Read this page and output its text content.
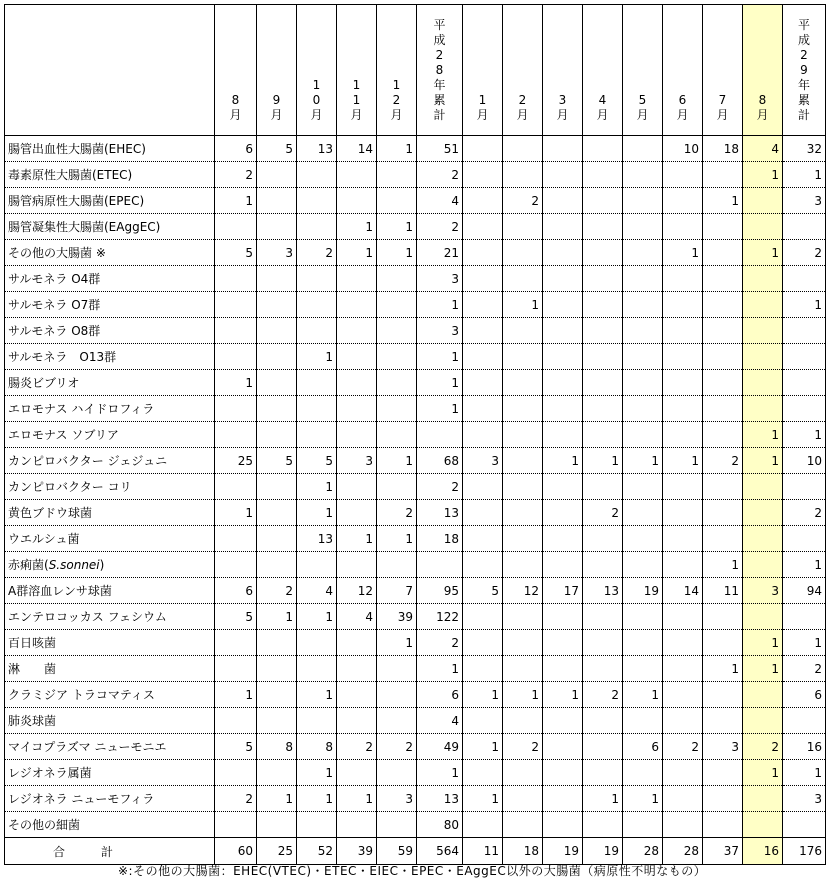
	8月	9月	10月	11月	12月	平成28年累計	1月	2月	3月	4月	5月	6月	7月	8月	平成29年累計
腸管出血性大腸菌(EHEC)	6	5	13	14	1	51						10	18	4	32
毒素原性大腸菌(ETEC)	2					2								1	1
腸管病原性大腸菌(EPEC)	1					4		2					1		3
腸管凝集性大腸菌(EAggEC)				1	1	2									
その他の大腸菌 ※	5	3	2	1	1	21						1		1	2
サルモネラ O4群						3									
サルモネラ O7群						1		1							1
サルモネラ O8群						3									
サルモネラ　O13群			1			1									
腸炎ビブリオ	1					1									
エロモナス ハイドロフィラ						1									
エロモナス ソブリア														1	1
カンピロバクター ジェジュニ	25	5	5	3	1	68	3		1	1	1	1	2	1	10
カンピロバクター コリ			1			2									
黄色ブドウ球菌	1		1		2	13				2					2
ウエルシュ菌			13	1	1	18									
赤痢菌(S.sonnei)													1		1
A群溶血レンサ球菌	6	2	4	12	7	95	5	12	17	13	19	14	11	3	94
エンテロコッカス フェシウム	5	1	1	4	39	122									
百日咳菌					1	2								1	1
淋　　菌						1							1	1	2
クラミジア トラコマティス	1		1			6	1	1	1	2	1				6
肺炎球菌						4									
マイコプラズマ ニューモニエ	5	8	8	2	2	49	1	2			6	2	3	2	16
レジオネラ属菌			1			1								1	1
レジオネラ ニューモフィラ	2	1	1	1	3	13	1			1	1				3
その他の細菌						80									
合　　　計	60	25	52	39	59	564	11	18	19	19	28	28	37	16	176
※:その他の大腸菌：EHEC(VTEC)・ETEC・EIEC・EPEC・EAggEC以外の大腸菌（病原性不明なもの）
